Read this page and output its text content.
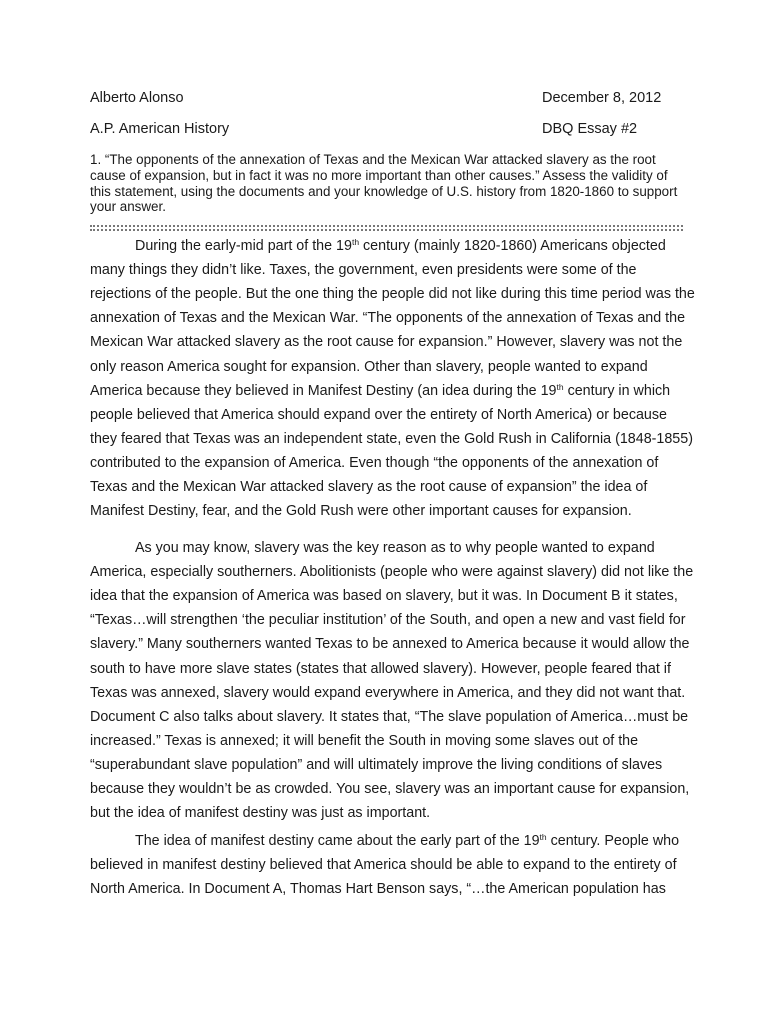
Alberto Alonso	December 8, 2012
A.P. American History	DBQ Essay #2
1. “The opponents of the annexation of Texas and the Mexican War attacked slavery as the root cause of expansion, but in fact it was no more important than other causes.” Assess the validity of this statement, using the documents and your knowledge of U.S. history from 1820-1860 to support your answer.
During the early-mid part of the 19th century (mainly 1820-1860) Americans objected
many things they didn’t like. Taxes, the government, even presidents were some of the
rejections of the people. But the one thing the people did not like during this time period was the
annexation of Texas and the Mexican War. “The opponents of the annexation of Texas and the
Mexican War attacked slavery as the root cause for expansion.” However, slavery was not the
only reason America sought for expansion. Other than slavery, people wanted to expand
America because they believed in Manifest Destiny (an idea during the 19th century in which
people believed that America should expand over the entirety of North America) or because
they feared that Texas was an independent state, even the Gold Rush in California (1848-1855)
contributed to the expansion of America. Even though “the opponents of the annexation of
Texas and the Mexican War attacked slavery as the root cause of expansion” the idea of
Manifest Destiny, fear, and the Gold Rush were other important causes for expansion.
As you may know, slavery was the key reason as to why people wanted to expand
America, especially southerners. Abolitionists (people who were against slavery) did not like the
idea that the expansion of America was based on slavery, but it was. In Document B it states,
“Texas…will strengthen ‘the peculiar institution’ of the South, and open a new and vast field for
slavery.” Many southerners wanted Texas to be annexed to America because it would allow the
south to have more slave states (states that allowed slavery). However, people feared that if
Texas was annexed, slavery would expand everywhere in America, and they did not want that.
Document C also talks about slavery. It states that, “The slave population of America…must be
increased.” Texas is annexed; it will benefit the South in moving some slaves out of the
“superabundant slave population” and will ultimately improve the living conditions of slaves
because they wouldn’t be as crowded. You see, slavery was an important cause for expansion,
but the idea of manifest destiny was just as important.
The idea of manifest destiny came about the early part of the 19th century. People who
believed in manifest destiny believed that America should be able to expand to the entirety of
North America. In Document A, Thomas Hart Benson says, “…the American population has
